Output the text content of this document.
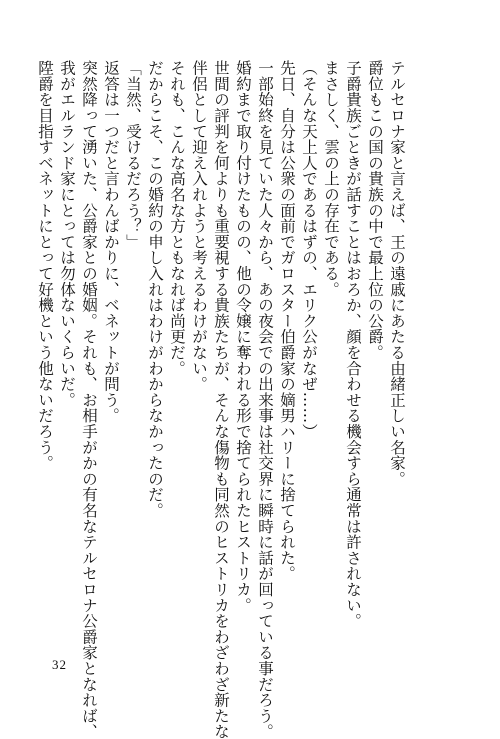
テルセロナ家と言えば、王の遠戚にあたる由緒正しい名家。

爵位もこの国の貴族の中で最上位の公爵。

子爵貴族ごときが話すことはおろか、顔を合わせる機会すら通常は許されない。

まさしく、雲の上の存在である。

（そんな天上人であるはずの、エリク公がなぜ……）

先日、自分は公衆の面前でガロスター伯爵家の嫡男ハリーに捨てられた。

一部始終を見ていた人々から、あの夜会での出来事は社交界に瞬時に話が回っている事だろう。

婚約まで取り付けたものの、他の令嬢に奪われる形で捨てられたヒストリカ。

世間の評判を何よりも重要視する貴族たちが、そんな傷物も同然のヒストリカをわざわざ新たな

伴侶として迎え入れようと考えるわけがない。

それも、こんな高名な方ともなれば尚更だ。

だからこそ、この婚約の申し入れはわけがわからなかったのだ。

「当然、受けるだろう？」

返答は一つだと言わんばかりに、ベネットが問う。

突然降って湧いた、公爵家との婚姻。それも、お相手がかの有名なテルセロナ公爵家となれば、

我がエルランド家にとっては勿体ないくらいだ。

陞爵を目指すベネットにとって好機という他ないだろう。

32
